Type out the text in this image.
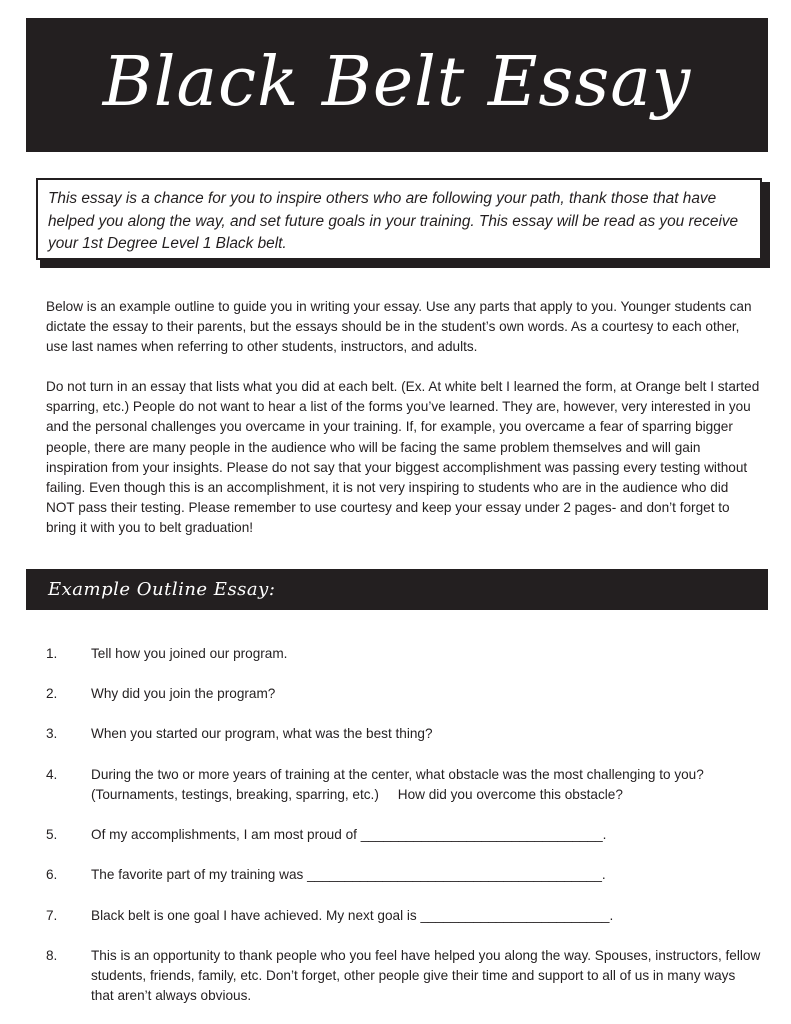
Black Belt Essay
This essay is a chance for you to inspire others who are following your path, thank those that have helped you along the way, and set future goals in your training. This essay will be read as you receive your 1st Degree Level 1 Black belt.

Below is an example outline to guide you in writing your essay. Use any parts that apply to you. Younger students can dictate the essay to their parents, but the essays should be in the student’s own words. As a courtesy to each other, use last names when referring to other students, instructors, and adults.

Do not turn in an essay that lists what you did at each belt. (Ex. At white belt I learned the form, at Orange belt I started sparring, etc.) People do not want to hear a list of the forms you’ve learned. They are, however, very interested in you and the personal challenges you overcame in your training. If, for example, you overcame a fear of sparring bigger people, there are many people in the audience who will be facing the same problem themselves and will gain inspiration from your insights. Please do not say that your biggest accomplishment was passing every testing without failing. Even though this is an accomplishment, it is not very inspiring to students who are in the audience who did NOT pass their testing. Please remember to use courtesy and keep your essay under 2 pages- and don’t forget to bring it with you to belt graduation!

Example Outline Essay:
1. Tell how you joined our program.
2. Why did you join the program?
3. When you started our program, what was the best thing?
4. During the two or more years of training at the center, what obstacle was the most challenging to you? (Tournaments, testings, breaking, sparring, etc.)     How did you overcome this obstacle?
5. Of my accomplishments, I am most proud of ________________________________.
6. The favorite part of my training was _______________________________________.
7. Black belt is one goal I have achieved. My next goal is _________________________.
8. This is an opportunity to thank people who you feel have helped you along the way. Spouses, instructors, fellow students, friends, family, etc. Don’t forget, other people give their time and support to all of us in many ways that aren’t always obvious.
